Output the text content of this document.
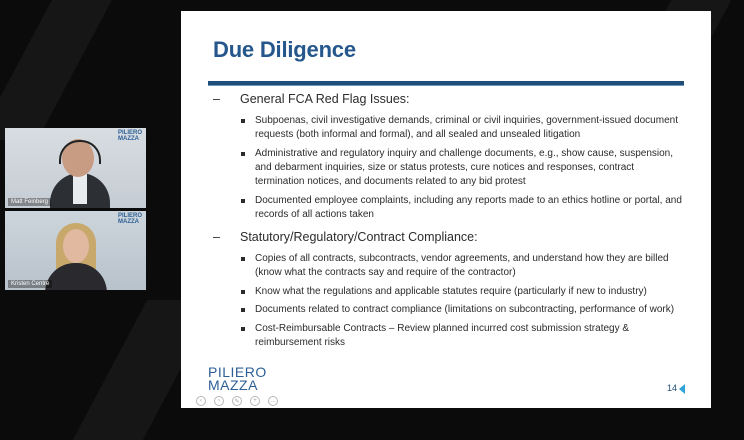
Due Diligence
– General FCA Red Flag Issues:
Subpoenas, civil investigative demands, criminal or civil inquiries, government-issued document requests (both informal and formal), and all sealed and unsealed litigation
Administrative and regulatory inquiry and challenge documents, e.g., show cause, suspension, and debarment inquiries, size or status protests, cure notices and responses, contract termination notices, and documents related to any bid protest
Documented employee complaints, including any reports made to an ethics hotline or portal, and records of all actions taken
– Statutory/Regulatory/Contract Compliance:
Copies of all contracts, subcontracts, vendor agreements, and understand how they are billed (know what the contracts say and require of the contractor)
Know what the regulations and applicable statutes require (particularly if new to industry)
Documents related to contract compliance (limitations on subcontracting, performance of work)
Cost-Reimbursable Contracts – Review planned incurred cost submission strategy & reimbursement risks
PILIERO
MAZZA
‹	›	✎	+	…
14
PILIERO
MAZZA
Matt Feinberg
PILIERO
MAZZA
Kristen Centre
